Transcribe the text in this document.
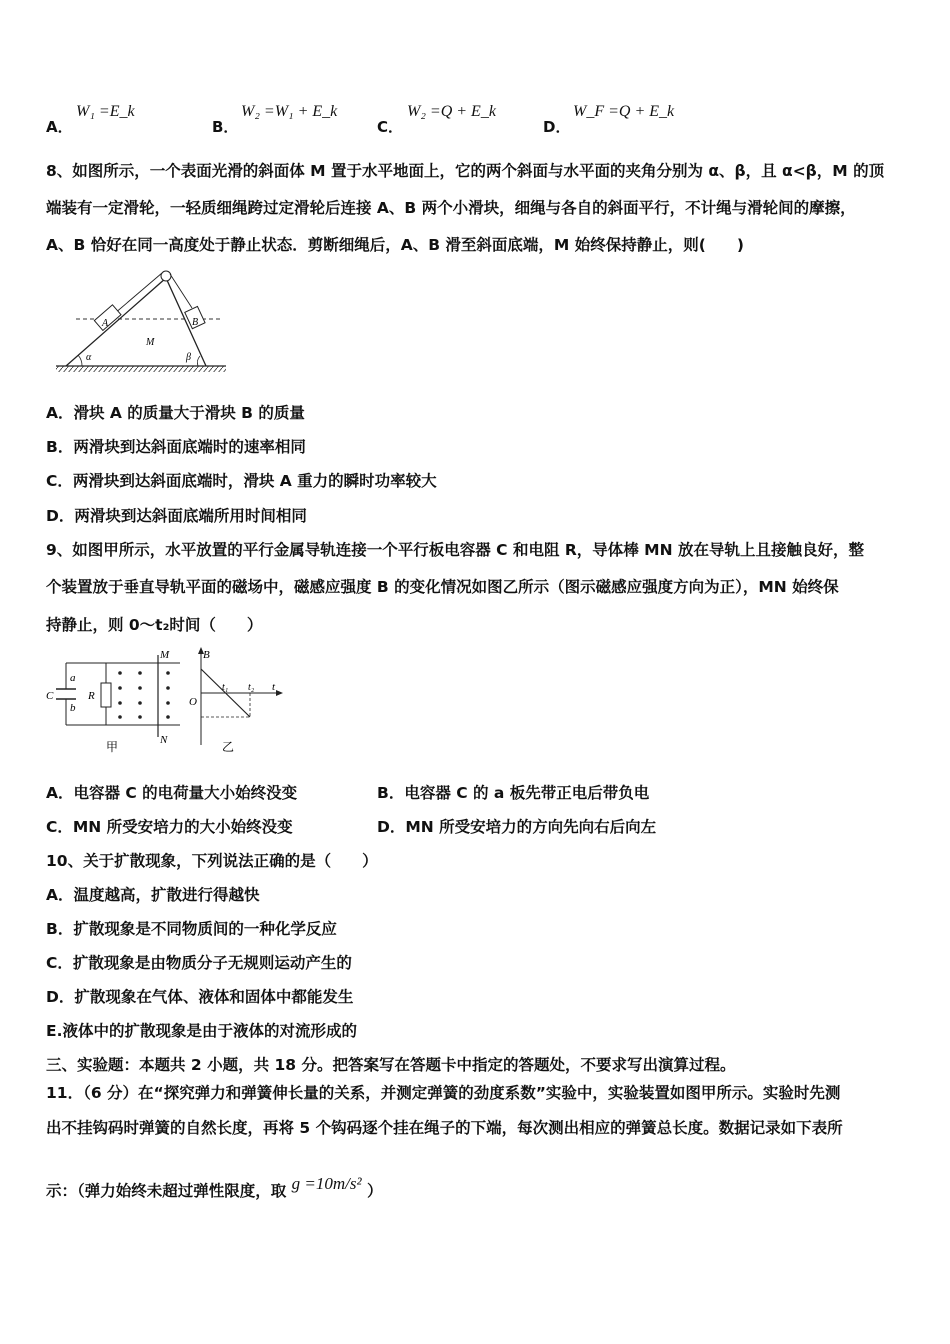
A．
W₁ =E_k
B．
W₂ =W₁ + E_k
C．
W₂ =Q + E_k
D．
W_F =Q + E_k
8、如图所示，一个表面光滑的斜面体 M 置于水平地面上，它的两个斜面与水平面的夹角分别为 α、β，且 α<β，M 的顶
端装有一定滑轮，一轻质细绳跨过定滑轮后连接 A、B 两个小滑块，细绳与各自的斜面平行，不计绳与滑轮间的摩擦，
A、B 恰好在同一高度处于静止状态．剪断细绳后，A、B 滑至斜面底端，M 始终保持静止，则(　　)
A	B
M
α	β
A．滑块 A 的质量大于滑块 B 的质量
B．两滑块到达斜面底端时的速率相同
C．两滑块到达斜面底端时，滑块 A 重力的瞬时功率较大
D．两滑块到达斜面底端所用时间相同
9、如图甲所示，水平放置的平行金属导轨连接一个平行板电容器 C 和电阻 R，导体棒 MN 放在导轨上且接触良好，整
个装置放于垂直导轨平面的磁场中，磁感应强度 B 的变化情况如图乙所示（图示磁感应强度方向为正），MN 始终保
持静止，则 0～t₂时间（　　）
C
a
b
R
M
N
甲
B
O
t₁ t₂ t
乙
A．电容器 C 的电荷量大小始终没变	B．电容器 C 的 a 板先带正电后带负电
C．MN 所受安培力的大小始终没变	D．MN 所受安培力的方向先向右后向左
10、关于扩散现象，下列说法正确的是（　　）
A．温度越高，扩散进行得越快
B．扩散现象是不同物质间的一种化学反应
C．扩散现象是由物质分子无规则运动产生的
D．扩散现象在气体、液体和固体中都能发生
E.液体中的扩散现象是由于液体的对流形成的
三、实验题：本题共 2 小题，共 18 分。把答案写在答题卡中指定的答题处，不要求写出演算过程。
11．（6 分）在“探究弹力和弹簧伸长量的关系，并测定弹簧的劲度系数”实验中，实验装置如图甲所示。实验时先测
出不挂钩码时弹簧的自然长度，再将 5 个钩码逐个挂在绳子的下端，每次测出相应的弹簧总长度。数据记录如下表所
示：（弹力始终未超过弹性限度，取 g =10m/s² ）
